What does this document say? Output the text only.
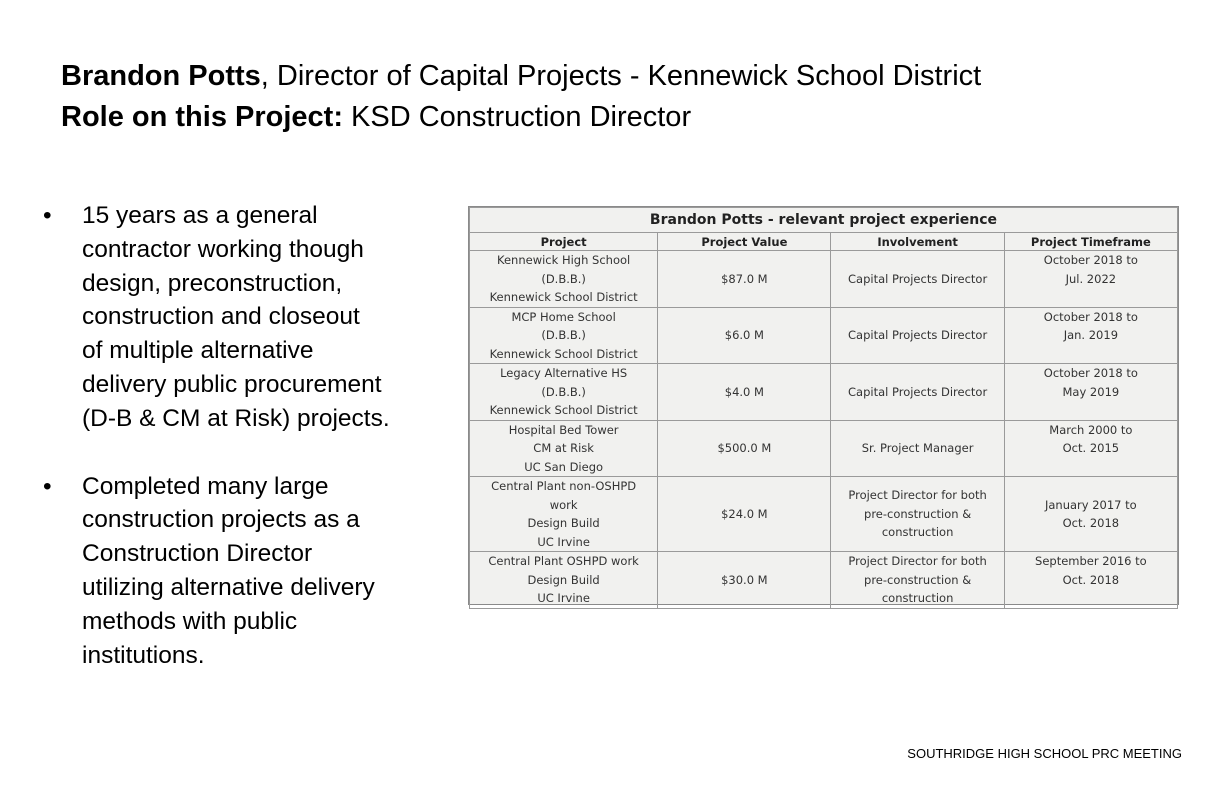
Brandon Potts, Director of Capital Projects - Kennewick School District
Role on this Project: KSD Construction Director
•	15 years as a general
contractor working though
design, preconstruction,
construction and closeout
of multiple alternative
delivery public procurement
(D-B & CM at Risk) projects.
•	Completed many large
construction projects as a
Construction Director
utilizing alternative delivery
methods with public
institutions.
Brandon Potts - relevant project experience			
Project	Project Value	Involvement	Project Timeframe

Kennewick High School
(D.B.B.)
Kennewick School District	$87.0 M	Capital Projects Director	October 2018 to
Jul. 2022

MCP Home School
(D.B.B.)
Kennewick School District	$6.0 M	Capital Projects Director	October 2018 to
Jan. 2019

Legacy Alternative HS
(D.B.B.)
Kennewick School District	$4.0 M	Capital Projects Director	October 2018 to
May 2019

Hospital Bed Tower
CM at Risk
UC San Diego	$500.0 M	Sr. Project Manager	March 2000 to
Oct. 2015

Central Plant non-OSHPD
work
Design Build
UC Irvine	$24.0 M	Project Director for both
pre-construction &
construction	January 2017 to
Oct. 2018

Central Plant OSHPD work
Design Build
UC Irvine	$30.0 M	Project Director for both
pre-construction &
construction	September 2016 to
Oct. 2018

SOUTHRIDGE HIGH SCHOOL PRC MEETING
